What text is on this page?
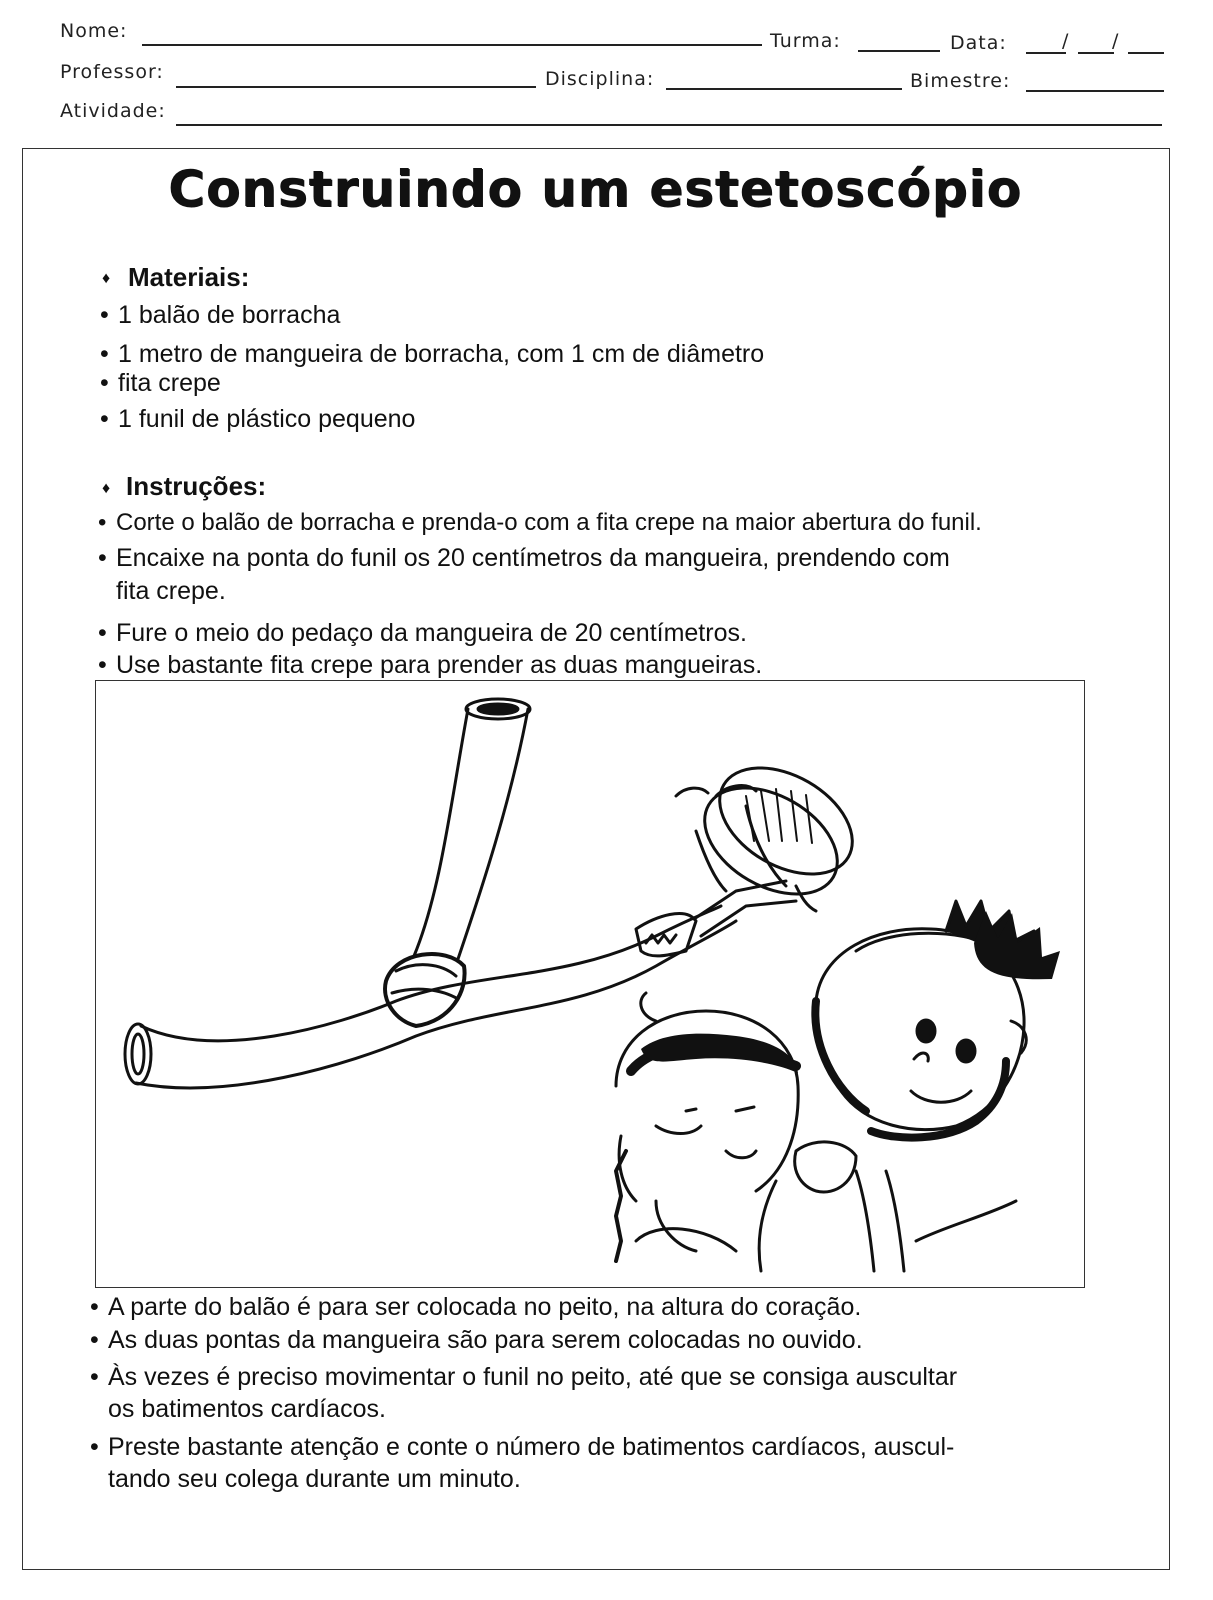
Nome:	Turma:	Data:	/ /
Professor:	Disciplina:	Bimestre:
Atividade:
Construindo um estetoscópio
♦ Materiais:
• 1 balão de borracha
• 1 metro de mangueira de borracha, com 1 cm de diâmetro
• fita crepe
• 1 funil de plástico pequeno
♦ Instruções:
• Corte o balão de borracha e prenda-o com a fita crepe na maior abertura do funil.
• Encaixe na ponta do funil os 20 centímetros da mangueira, prendendo com
fita crepe.
• Fure o meio do pedaço da mangueira de 20 centímetros.
• Use bastante fita crepe para prender as duas mangueiras.
• A parte do balão é para ser colocada no peito, na altura do coração.
• As duas pontas da mangueira são para serem colocadas no ouvido.
• Às vezes é preciso movimentar o funil no peito, até que se consiga auscultar
os batimentos cardíacos.
• Preste bastante atenção e conte o número de batimentos cardíacos, auscul-
tando seu colega durante um minuto.
